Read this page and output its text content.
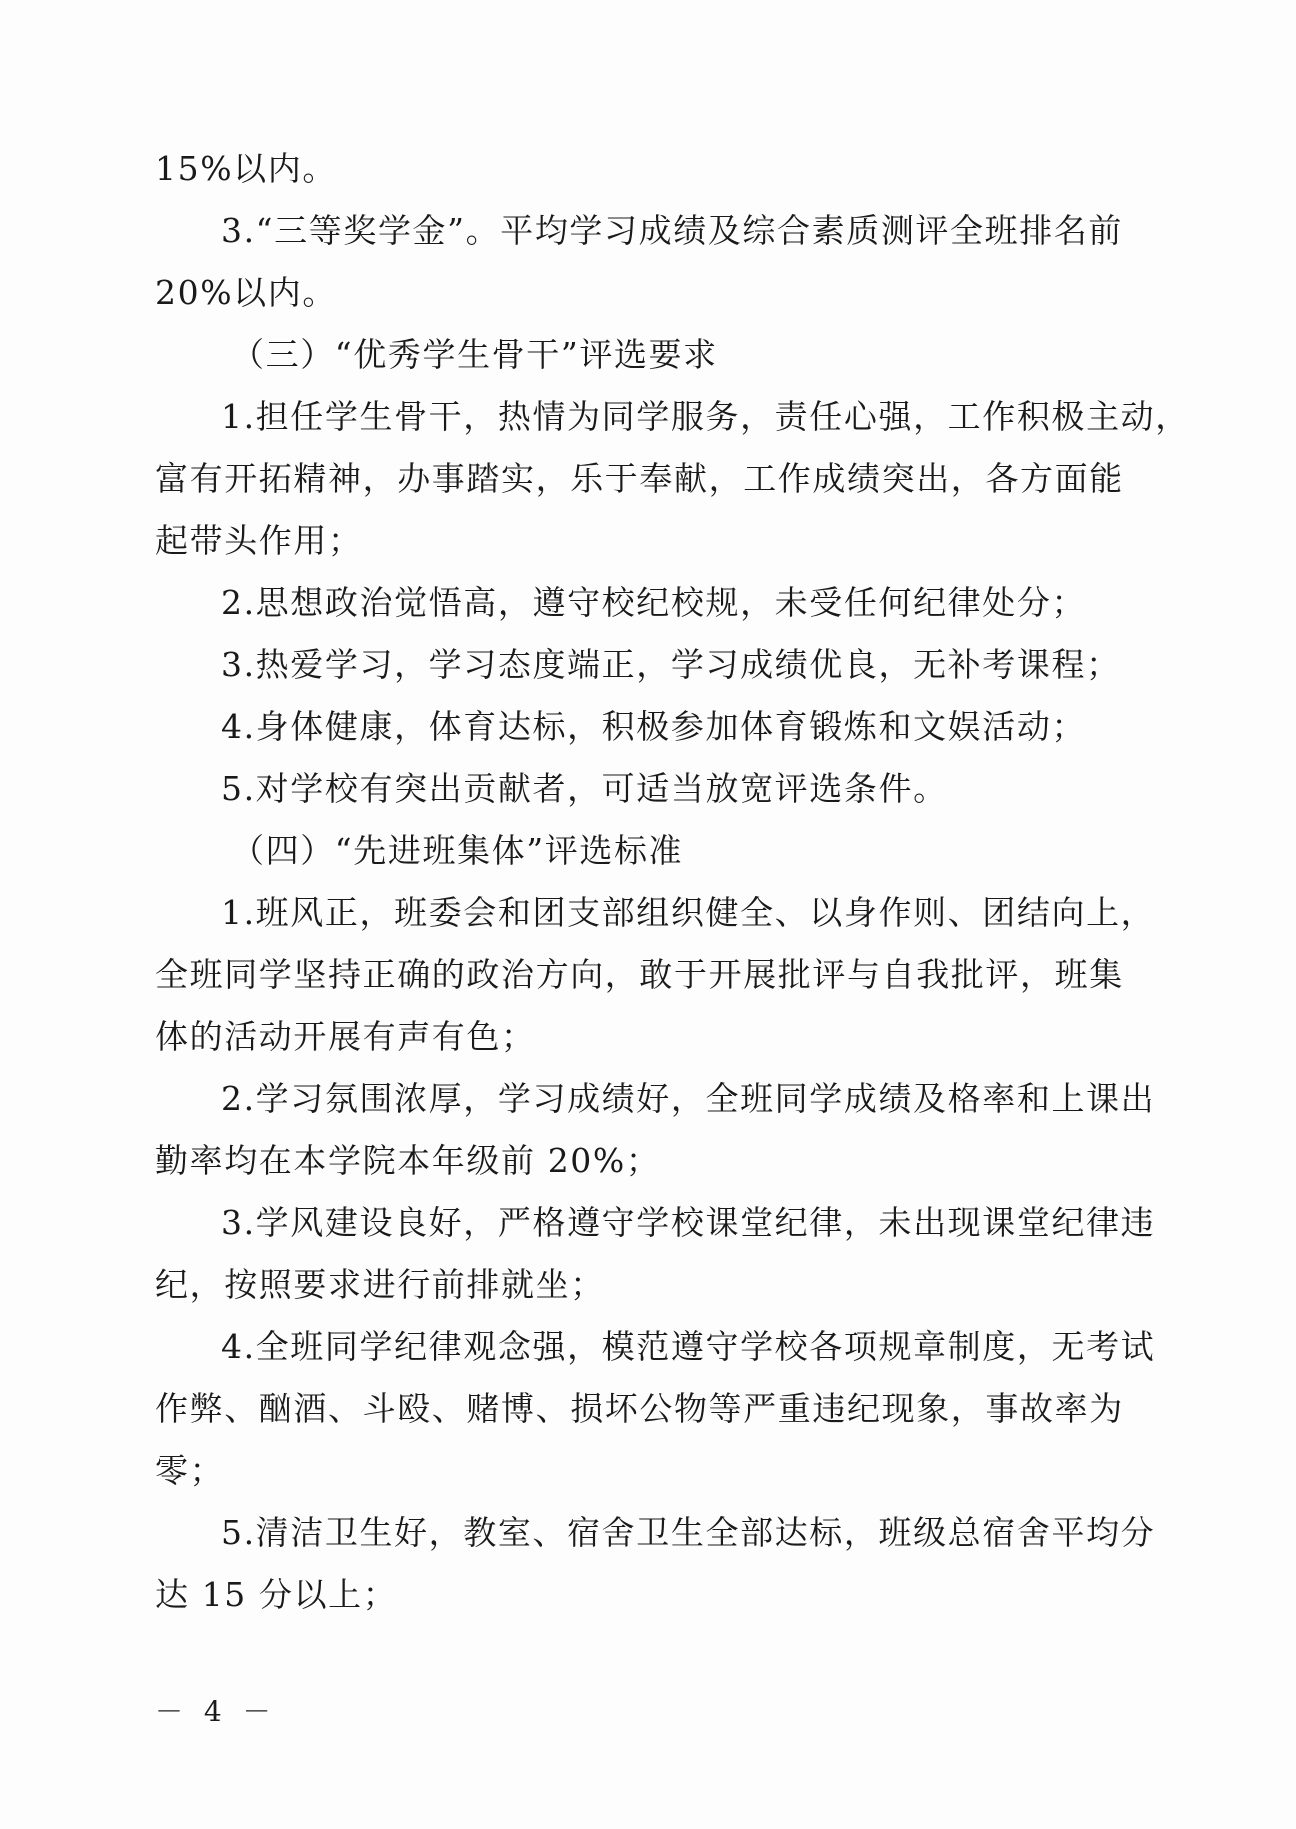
15%以内。
3.“三等奖学金”。平均学习成绩及综合素质测评全班排名前
20%以内。
（三）“优秀学生骨干”评选要求
1.担任学生骨干，热情为同学服务，责任心强，工作积极主动，
富有开拓精神，办事踏实，乐于奉献，工作成绩突出，各方面能
起带头作用；
2.思想政治觉悟高，遵守校纪校规，未受任何纪律处分；
3.热爱学习，学习态度端正，学习成绩优良，无补考课程；
4.身体健康，体育达标，积极参加体育锻炼和文娱活动；
5.对学校有突出贡献者，可适当放宽评选条件。
（四）“先进班集体”评选标准
1.班风正，班委会和团支部组织健全、以身作则、团结向上，
全班同学坚持正确的政治方向，敢于开展批评与自我批评，班集
体的活动开展有声有色；
2.学习氛围浓厚，学习成绩好，全班同学成绩及格率和上课出
勤率均在本学院本年级前 20%；
3.学风建设良好，严格遵守学校课堂纪律，未出现课堂纪律违
纪，按照要求进行前排就坐；
4.全班同学纪律观念强，模范遵守学校各项规章制度，无考试
作弊、酗酒、斗殴、赌博、损坏公物等严重违纪现象，事故率为
零；
5.清洁卫生好，教室、宿舍卫生全部达标，班级总宿舍平均分
达 15 分以上；
－ 4 －
